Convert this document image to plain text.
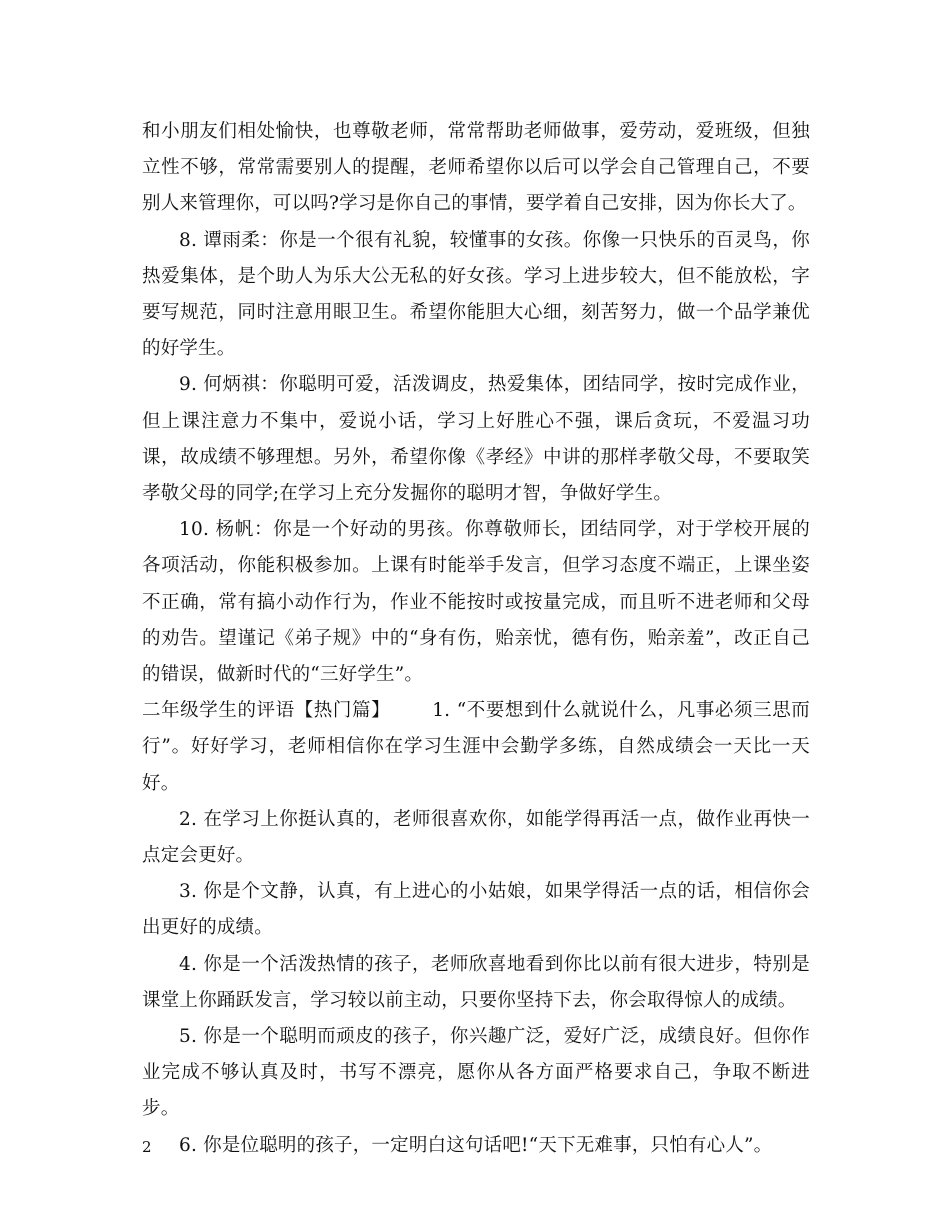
和小朋友们相处愉快，也尊敬老师，常常帮助老师做事，爱劳动，爱班级，但独立性不够，常常需要别人的提醒，老师希望你以后可以学会自己管理自己，不要别人来管理你，可以吗?学习是你自己的事情，要学着自己安排，因为你长大了。

8. 谭雨柔：你是一个很有礼貌，较懂事的女孩。你像一只快乐的百灵鸟，你热爱集体，是个助人为乐大公无私的好女孩。学习上进步较大，但不能放松，字要写规范，同时注意用眼卫生。希望你能胆大心细，刻苦努力，做一个品学兼优的好学生。

9. 何炳祺：你聪明可爱，活泼调皮，热爱集体，团结同学，按时完成作业，但上课注意力不集中，爱说小话，学习上好胜心不强，课后贪玩，不爱温习功课，故成绩不够理想。另外，希望你像《孝经》中讲的那样孝敬父母，不要取笑孝敬父母的同学;在学习上充分发掘你的聪明才智，争做好学生。

10. 杨帆：你是一个好动的男孩。你尊敬师长，团结同学，对于学校开展的各项活动，你能积极参加。上课有时能举手发言，但学习态度不端正，上课坐姿不正确，常有搞小动作行为，作业不能按时或按量完成，而且听不进老师和父母的劝告。望谨记《弟子规》中的“身有伤，贻亲忧，德有伤，贻亲羞”，改正自己的错误，做新时代的“三好学生”。

二年级学生的评语【热门篇】 1. “不要想到什么就说什么，凡事必须三思而行”。好好学习，老师相信你在学习生涯中会勤学多练，自然成绩会一天比一天好。

2. 在学习上你挺认真的，老师很喜欢你，如能学得再活一点，做作业再快一点定会更好。

3. 你是个文静，认真，有上进心的小姑娘，如果学得活一点的话，相信你会出更好的成绩。

4. 你是一个活泼热情的孩子，老师欣喜地看到你比以前有很大进步，特别是课堂上你踊跃发言，学习较以前主动，只要你坚持下去，你会取得惊人的成绩。

5. 你是一个聪明而顽皮的孩子，你兴趣广泛，爱好广泛，成绩良好。但你作业完成不够认真及时，书写不漂亮，愿你从各方面严格要求自己，争取不断进步。

6. 你是位聪明的孩子，一定明白这句话吧!“天下无难事，只怕有心人”。

2
